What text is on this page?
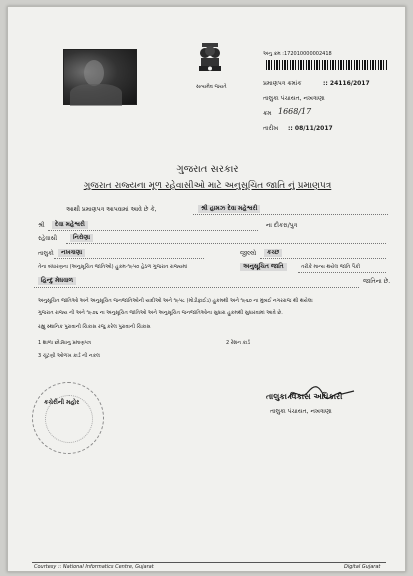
સત્યમેવ જયતે
અનુ ક્રમ : 172010000002418
પ્રમાણપત્ર ક્રમાંક	:: 24116/2017
તાલુકા પંચાયત, નખત્રાણા
ક્રમ 1668/17
તારીખ :: 08/11/2017
ગુજરાત સરકાર
ગુજરાત રાજ્યના મૂળ રહેવાસીઓ માટે અનુસૂચિત જાતિ નું પ્રમાણપત્ર
આથી પ્રમાણપત્ર આપવામાં આવે છે કે,	શ્રી હામઝ દેવા મહેશ્વરી
શ્રી	દેવા મહેશ્વરી	ના દીકરા/પુત્ર
રહેવાસી	નિરોણા
તાલુકો	નખત્રાણા	જીલ્લો	કચ્છ
તેના બંધારણના (અનુસૂચિત જાતિઓ) હુકમ-૧૯૫૦ હેઠળ ગુજરાત રાજ્યમાં	અનુસૂચિત જાતિ	તરીકે માન્ય થયેલ જાતિ પૈકી
હિન્દુ મેઘવાળ	જાતિના છે.
અનુસૂચિત જાતિઓ અને અનુસૂચિત જનજાતિઓની યાદીઓ અને ૧૯૫૮ (મોડીફાઈડ) હુકમથી અને ૧૯૬૦ ના મુંબઈ નગરરાજ થી થયેલા
ગુજરાત રાજ્ય ની અને ૧૯૭૬ ના અનુસૂચિત જાતિઓ અને અનુસૂચિત જનજાતિઓના સુધારા હુકમથી સુધારવામાં આવે છે.
રહ્યુ સ્થાનિક પુરાવાની ચિકાસ રજુ કરેલ પુરાવાની ચિકાસ
1 શાળા છોડ્યાનુ પ્રમાણપત્ર	2 રેશન કાર્ડ
3 ચૂંટણી ઓળખ કાર્ડ ની નકલ
કચેરીની મહોર
તાલુકા વિકાસ અધિકારી
તાલુકા પંચાયત, નખત્રાણા
Courtesy :: National Informatics Centre, Gujarat	Digital Gujarat
